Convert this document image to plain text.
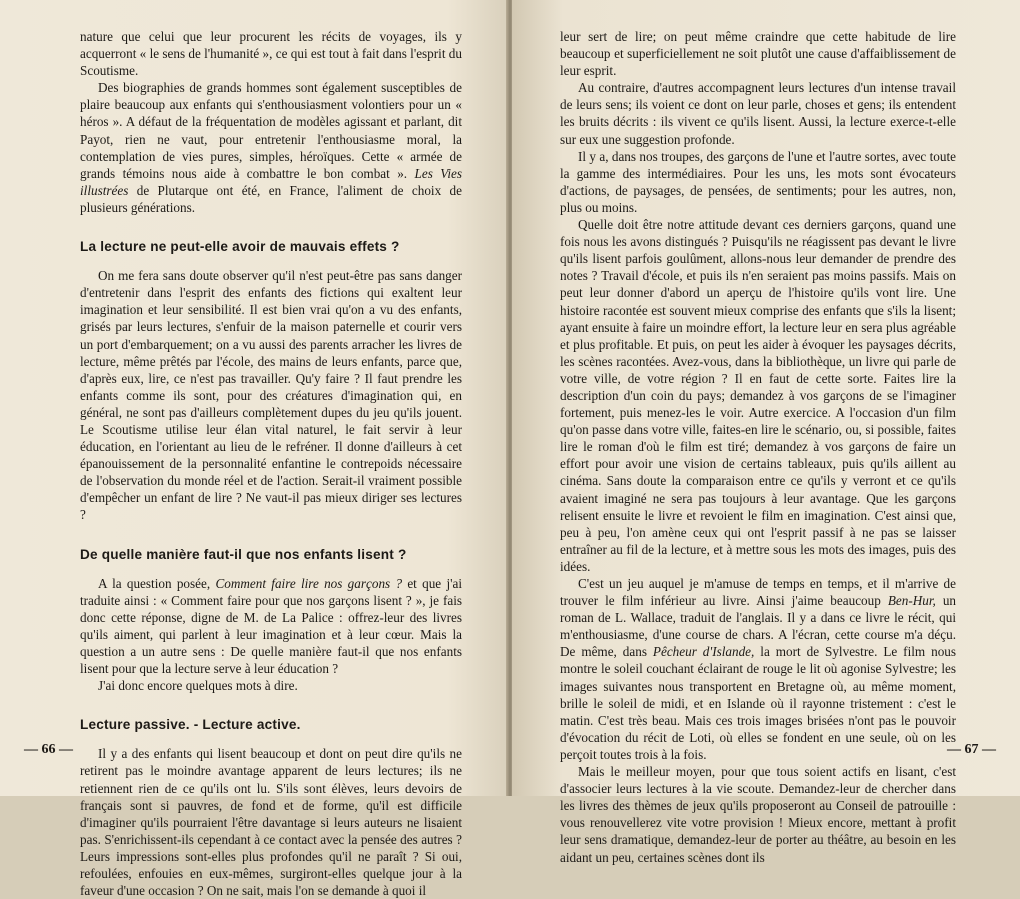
nature que celui que leur procurent les récits de voyages, ils y acquerront « le sens de l'humanité », ce qui est tout à fait dans l'esprit du Scoutisme.

Des biographies de grands hommes sont également susceptibles de plaire beaucoup aux enfants qui s'enthousiasment volontiers pour un « héros ». A défaut de la fréquentation de modèles agissant et parlant, dit Payot, rien ne vaut, pour entretenir l'enthousiasme moral, la contemplation de vies pures, simples, héroïques. Cette « armée de grands témoins nous aide à combattre le bon combat ». Les Vies illustrées de Plutarque ont été, en France, l'aliment de choix de plusieurs générations.

La lecture ne peut-elle avoir de mauvais effets ?

On me fera sans doute observer qu'il n'est peut-être pas sans danger d'entretenir dans l'esprit des enfants des fictions qui exaltent leur imagination et leur sensibilité. Il est bien vrai qu'on a vu des enfants, grisés par leurs lectures, s'enfuir de la maison paternelle et courir vers un port d'embarquement; on a vu aussi des parents arracher les livres de lecture, même prêtés par l'école, des mains de leurs enfants, parce que, d'après eux, lire, ce n'est pas travailler. Qu'y faire ? Il faut prendre les enfants comme ils sont, pour des créatures d'imagination qui, en général, ne sont pas d'ailleurs complètement dupes du jeu qu'ils jouent. Le Scoutisme utilise leur élan vital naturel, le fait servir à leur éducation, en l'orientant au lieu de le refréner. Il donne d'ailleurs à cet épanouissement de la personnalité enfantine le contrepoids nécessaire de l'observation du monde réel et de l'action. Serait-il vraiment possible d'empêcher un enfant de lire ? Ne vaut-il pas mieux diriger ses lectures ?

De quelle manière faut-il que nos enfants lisent ?

A la question posée, Comment faire lire nos garçons ? et que j'ai traduite ainsi : « Comment faire pour que nos garçons lisent ? », je fais donc cette réponse, digne de M. de La Palice : offrez-leur des livres qu'ils aiment, qui parlent à leur imagination et à leur cœur. Mais la question a un autre sens : De quelle manière faut-il que nos enfants lisent pour que la lecture serve à leur éducation ?

J'ai donc encore quelques mots à dire.

Lecture passive. - Lecture active.

Il y a des enfants qui lisent beaucoup et dont on peut dire qu'ils ne retirent pas le moindre avantage apparent de leurs lectures; ils ne retiennent rien de ce qu'ils ont lu. S'ils sont élèves, leurs devoirs de français sont si pauvres, de fond et de forme, qu'il est difficile d'imaginer qu'ils pourraient l'être davantage si leurs auteurs ne lisaient pas. S'enrichissent-ils cependant à ce contact avec la pensée des autres ? Leurs impressions sont-elles plus profondes qu'il ne paraît ? Si oui, refoulées, enfouies en eux-mêmes, surgiront-elles quelque jour à la faveur d'une occasion ? On ne sait, mais l'on se demande à quoi il

— 66 —

leur sert de lire; on peut même craindre que cette habitude de lire beaucoup et superficiellement ne soit plutôt une cause d'affaiblissement de leur esprit.

Au contraire, d'autres accompagnent leurs lectures d'un intense travail de leurs sens; ils voient ce dont on leur parle, choses et gens; ils entendent les bruits décrits : ils vivent ce qu'ils lisent. Aussi, la lecture exerce-t-elle sur eux une suggestion profonde.

Il y a, dans nos troupes, des garçons de l'une et l'autre sortes, avec toute la gamme des intermédiaires. Pour les uns, les mots sont évocateurs d'actions, de paysages, de pensées, de sentiments; pour les autres, non, plus ou moins.

Quelle doit être notre attitude devant ces derniers garçons, quand une fois nous les avons distingués ? Puisqu'ils ne réagissent pas devant le livre qu'ils lisent parfois goulûment, allons-nous leur demander de prendre des notes ? Travail d'école, et puis ils n'en seraient pas moins passifs. Mais on peut leur donner d'abord un aperçu de l'histoire qu'ils vont lire. Une histoire racontée est souvent mieux comprise des enfants que s'ils la lisent; ayant ensuite à faire un moindre effort, la lecture leur en sera plus agréable et plus profitable. Et puis, on peut les aider à évoquer les paysages décrits, les scènes racontées. Avez-vous, dans la bibliothèque, un livre qui parle de votre ville, de votre région ? Il en faut de cette sorte. Faites lire la description d'un coin du pays; demandez à vos garçons de se l'imaginer fortement, puis menez-les le voir. Autre exercice. A l'occasion d'un film qu'on passe dans votre ville, faites-en lire le scénario, ou, si possible, faites lire le roman d'où le film est tiré; demandez à vos garçons de faire un effort pour avoir une vision de certains tableaux, puis qu'ils aillent au cinéma. Sans doute la comparaison entre ce qu'ils y verront et ce qu'ils avaient imaginé ne sera pas toujours à leur avantage. Que les garçons relisent ensuite le livre et revoient le film en imagination. C'est ainsi que, peu à peu, l'on amène ceux qui ont l'esprit passif à ne pas se laisser entraîner au fil de la lecture, et à mettre sous les mots des images, puis des idées.

C'est un jeu auquel je m'amuse de temps en temps, et il m'arrive de trouver le film inférieur au livre. Ainsi j'aime beaucoup Ben-Hur, un roman de L. Wallace, traduit de l'anglais. Il y a dans ce livre le récit, qui m'enthousiasme, d'une course de chars. A l'écran, cette course m'a déçu. De même, dans Pêcheur d'Islande, la mort de Sylvestre. Le film nous montre le soleil couchant éclairant de rouge le lit où agonise Sylvestre; les images suivantes nous transportent en Bretagne où, au même moment, brille le soleil de midi, et en Islande où il rayonne tristement : c'est le matin. C'est très beau. Mais ces trois images brisées n'ont pas le pouvoir d'évocation du récit de Loti, où elles se fondent en une seule, où on les perçoit toutes trois à la fois.

Mais le meilleur moyen, pour que tous soient actifs en lisant, c'est d'associer leurs lectures à la vie scoute. Demandez-leur de chercher dans les livres des thèmes de jeux qu'ils proposeront au Conseil de patrouille : vous renouvellerez vite votre provision ! Mieux encore, mettant à profit leur sens dramatique, demandez-leur de porter au théâtre, au besoin en les aidant un peu, certaines scènes dont ils

— 67 —
